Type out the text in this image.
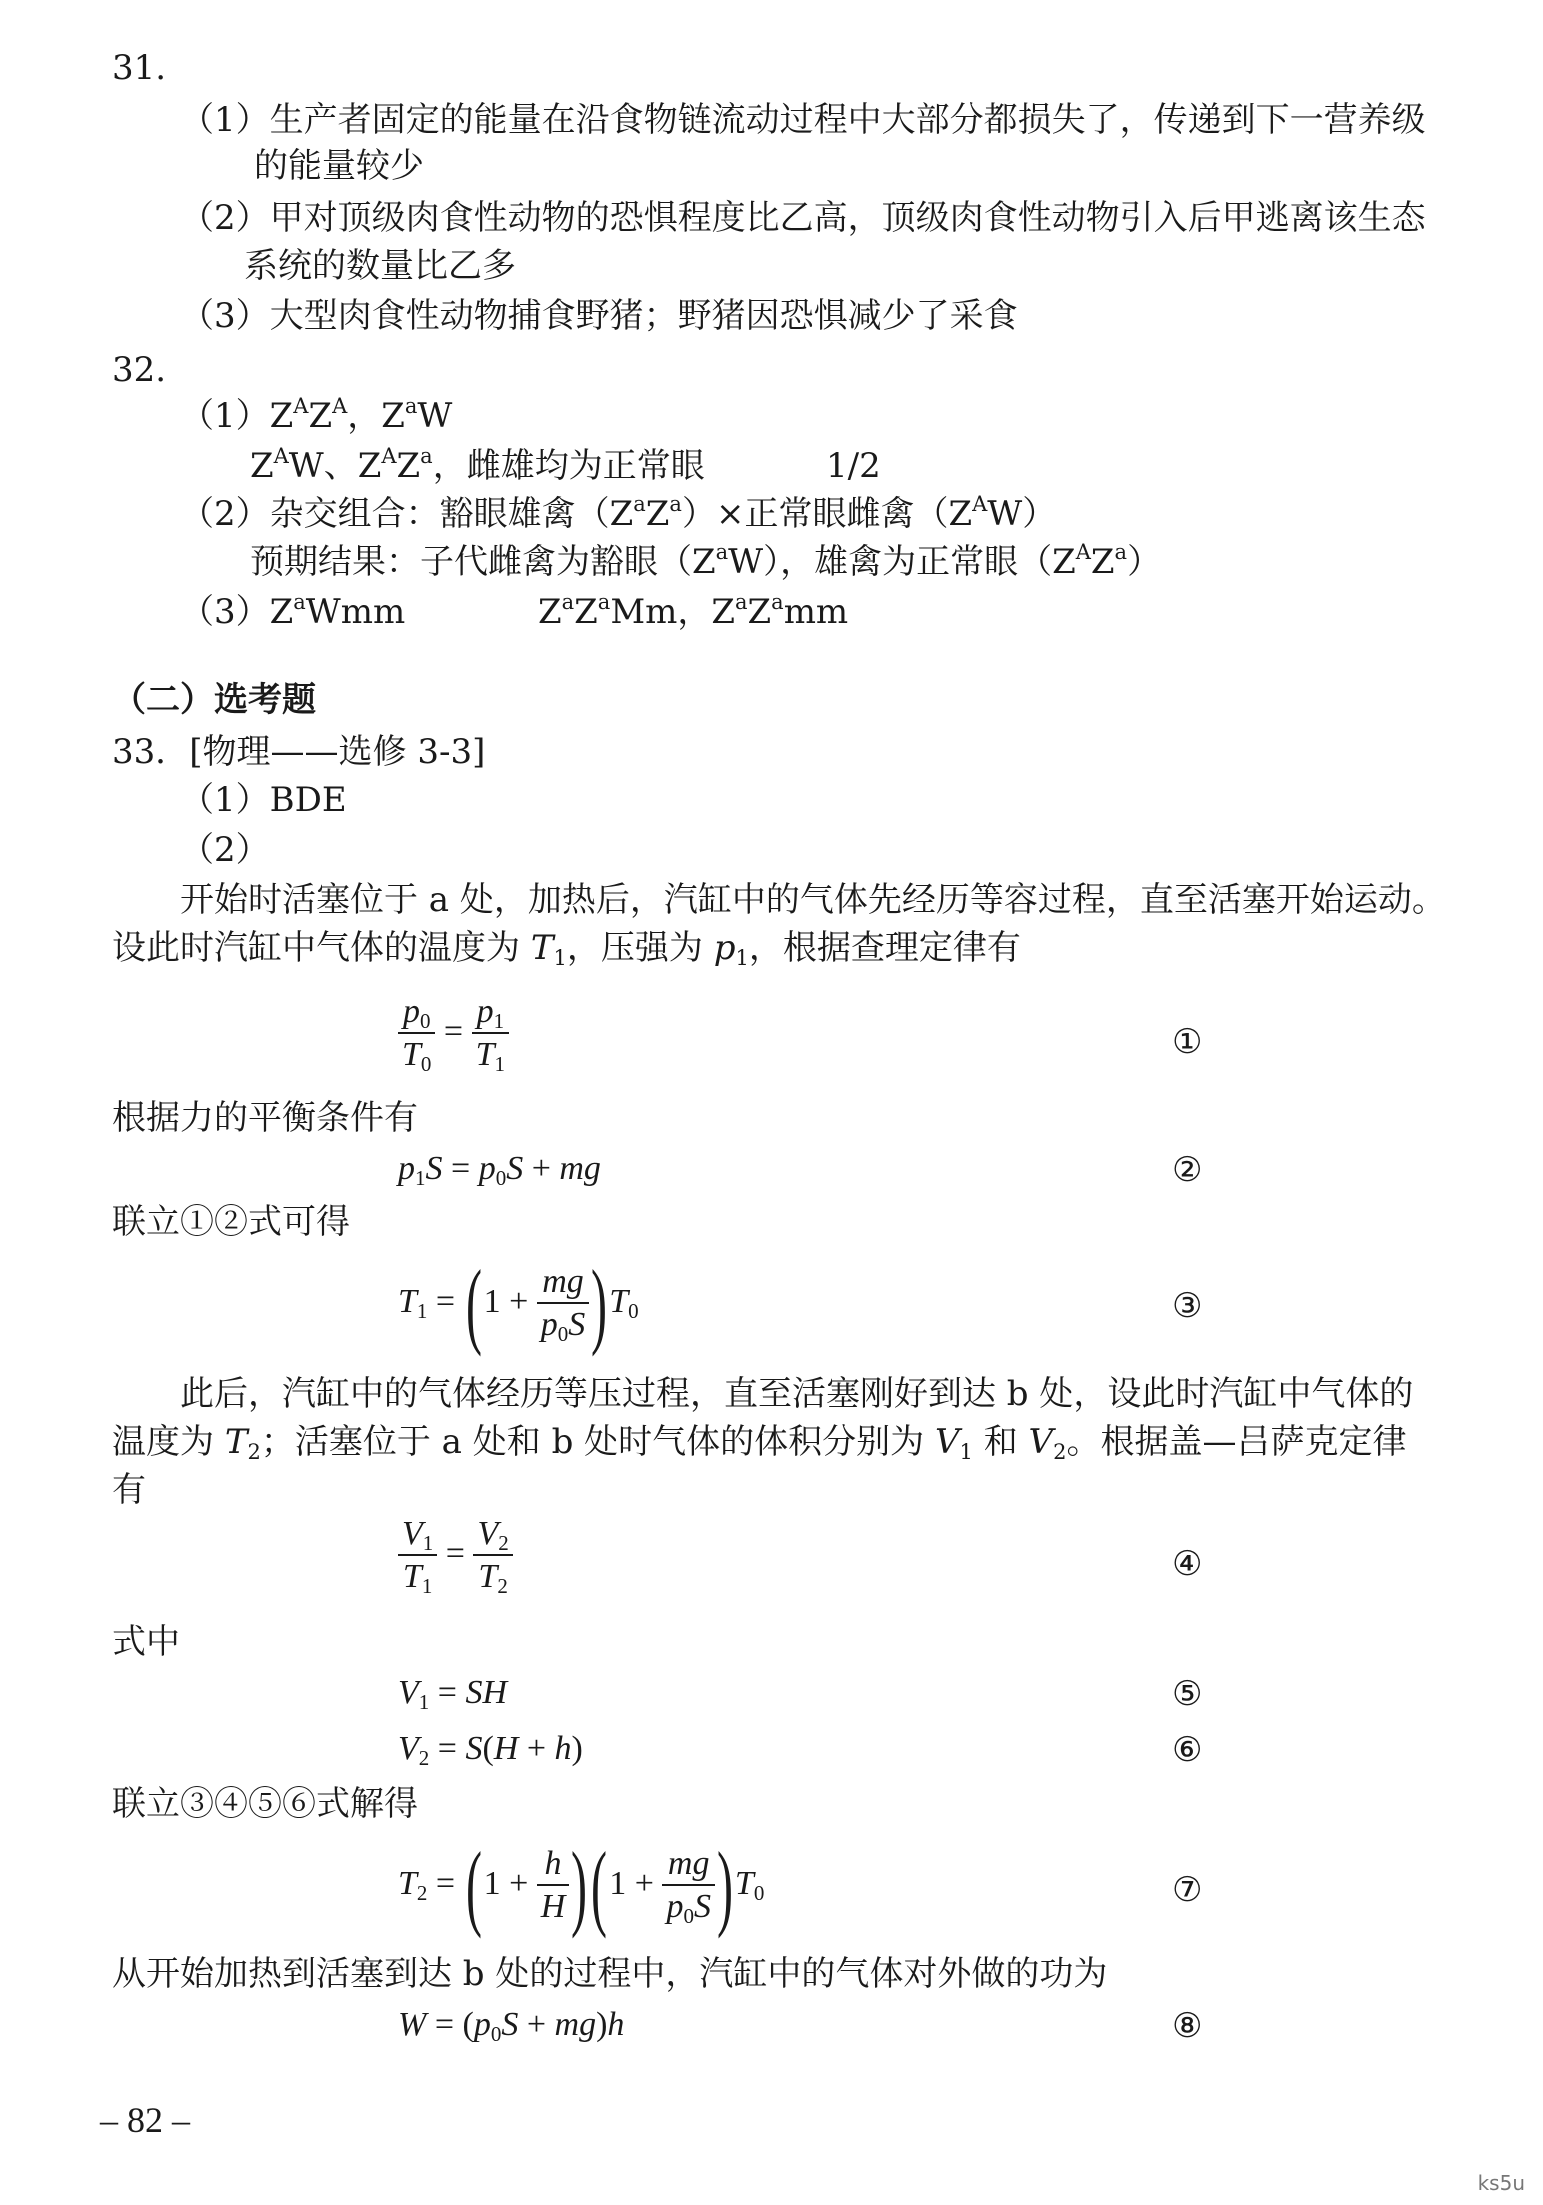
31.
（1）生产者固定的能量在沿食物链流动过程中大部分都损失了，传递到下一营养级
的能量较少
（2）甲对顶级肉食性动物的恐惧程度比乙高，顶级肉食性动物引入后甲逃离该生态
系统的数量比乙多
（3）大型肉食性动物捕食野猪；野猪因恐惧减少了采食
32.
$(1)Z^AZ^A$，$Z^aW$
$Z^AW$、$Z^AZ^a$，雌雄均为正常眼	1/2
（2）杂交组合：豁眼雄禽$(Z^aZ^a)\times$正常眼雌禽$(Z^AW)$
预期结果：子代雌禽为豁眼$(Z^aW)$，雄禽为正常眼$(Z^AZ^a)$
$(3)Z^aWmm$	$Z^aZ^aMm$，$Z^aZ^amm$
（二）选考题
33．[物理——选修 3-3]
（1）BDE
（2）
开始时活塞位于 a 处，加热后，汽缸中的气体先经历等容过程，直至活塞开始运动。
设此时汽缸中气体的温度为 $T_1$，压强为 $p_1$，根据查理定律有
$\frac{p_0}{T_0} = \frac{p_1}{T_1}$	①
根据力的平衡条件有
$p_1S = p_0S$ + mg	②
联立①②式可得
$T_1 = (1 + \frac{mg}{p_0S} )T_0$	③
此后，汽缸中的气体经历等压过程，直至活塞刚好到达 b 处，设此时汽缸中气体的
温度为 $T_2$；活塞位于 a 处和 b 处时气体的体积分别为 $V_1$ 和 $V_2$。根据盖—吕萨克定律
有
$\frac{V_1}{T_1} = \frac{V_2}{T_2}$	④
式中
$V_1$ = SH	⑤
$V_2 = S(H + h)$	⑥
联立③④⑤⑥式解得
$T_2 = (1 + \frac{h}{H} )(1 + \frac{mg}{p_0S} )T_0$	⑦
从开始加热到活塞到达 b 处的过程中，汽缸中的气体对外做的功为
$W = (p_0S + mg)h$	⑧
– 82 –
ks5u
